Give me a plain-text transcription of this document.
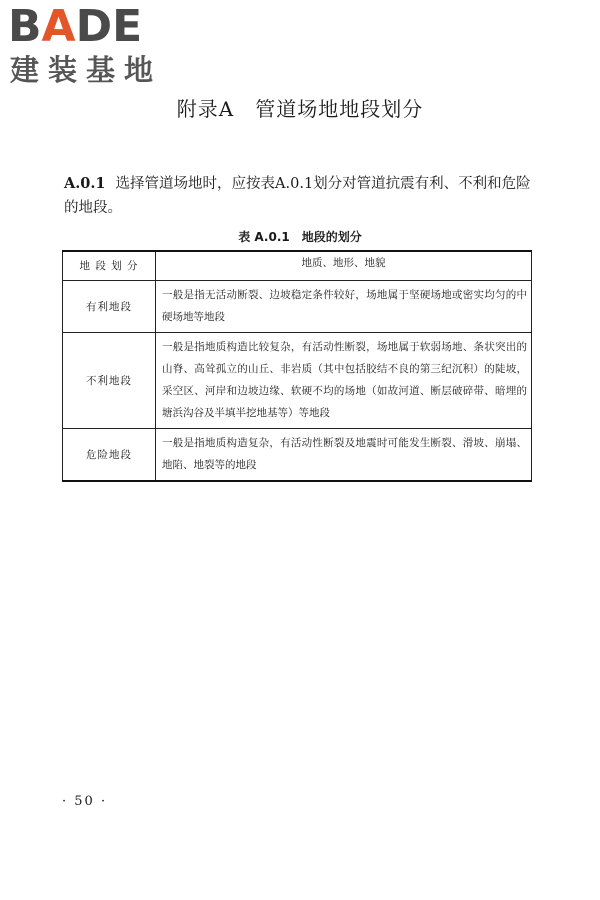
BADE
建装基地
附录A　管道场地地段划分
A.0.1 选择管道场地时，应按表A.0.1划分对管道抗震有利、不利和危险的地段。
表 A.0.1　地段的划分
地 段 划 分	地质、地形、地貌
有利地段	一般是指无活动断裂、边坡稳定条件较好，场地属于坚硬场地或密实均匀的中硬场地等地段
不利地段	一般是指地质构造比较复杂，有活动性断裂，场地属于软弱场地、条状突出的山脊、高耸孤立的山丘、非岩质（其中包括胶结不良的第三纪沉积）的陡坡，采空区、河岸和边坡边缘、软硬不均的场地（如故河道、断层破碎带、暗埋的塘浜沟谷及半填半挖地基等）等地段
危险地段	一般是指地质构造复杂，有活动性断裂及地震时可能发生断裂、滑坡、崩塌、地陷、地裂等的地段
· 50 ·
